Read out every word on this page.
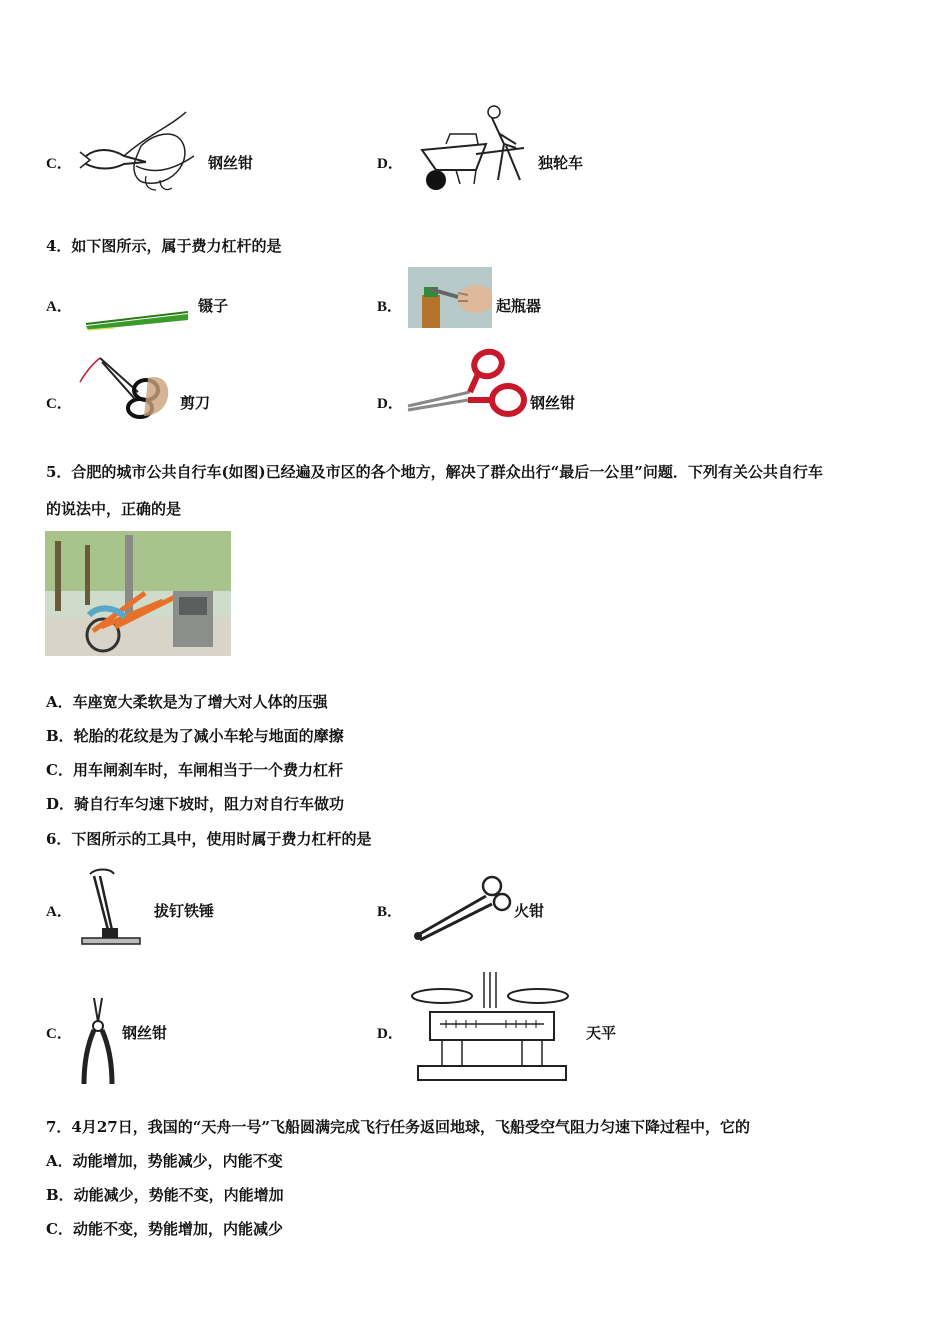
C．	钢丝钳	D．	独轮车
4．如下图所示，属于费力杠杆的是
A．	镊子	B．	起瓶器
C．	剪刀	D．	钢丝钳
5．合肥的城市公共自行车(如图)已经遍及市区的各个地方，解决了群众出行“最后一公里”问题．下列有关公共自行车
的说法中，正确的是
A．车座宽大柔软是为了增大对人体的压强
B．轮胎的花纹是为了减小车轮与地面的摩擦
C．用车闸刹车时，车闸相当于一个费力杠杆
D．骑自行车匀速下坡时，阻力对自行车做功
6．下图所示的工具中，使用时属于费力杠杆的是
A．	拔钉铁锤	B．	火钳
C．	钢丝钳	D．	天平
7．4月27日，我国的“天舟一号”飞船圆满完成飞行任务返回地球，飞船受空气阻力匀速下降过程中，它的
A．动能增加，势能减少，内能不变
B．动能减少，势能不变，内能增加
C．动能不变，势能增加，内能减少
